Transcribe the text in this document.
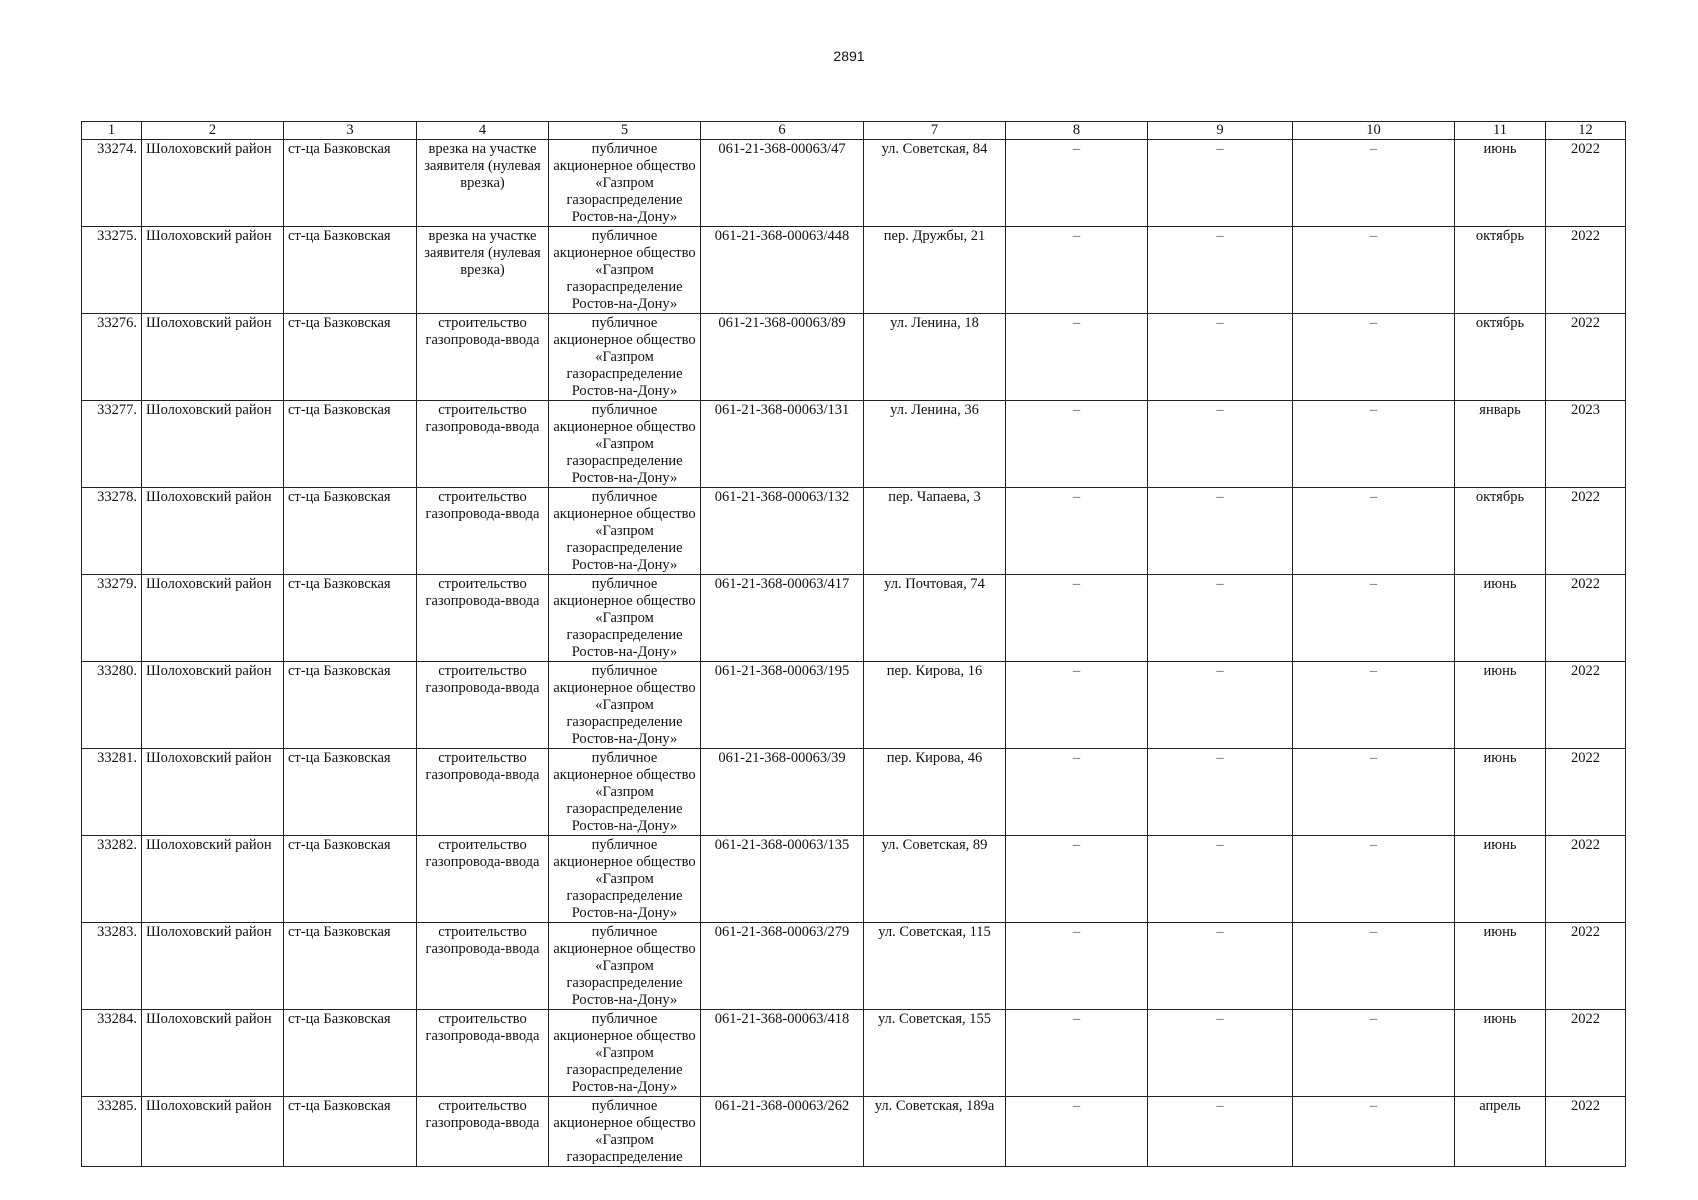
2891
1	2	3	4	5	6	7	8	9	10	11	12
33274.	Шолоховский район	ст-ца Базковская	врезка на участке заявителя (нулевая врезка)	публичное акционерное общество «Газпром газораспределение Ростов-на-Дону»	061-21-368-00063/47	ул. Советская, 84	–	–	–	июнь	2022
33275.	Шолоховский район	ст-ца Базковская	врезка на участке заявителя (нулевая врезка)	публичное акционерное общество «Газпром газораспределение Ростов-на-Дону»	061-21-368-00063/448	пер. Дружбы, 21	–	–	–	октябрь	2022
33276.	Шолоховский район	ст-ца Базковская	строительство газопровода-ввода	публичное акционерное общество «Газпром газораспределение Ростов-на-Дону»	061-21-368-00063/89	ул. Ленина, 18	–	–	–	октябрь	2022
33277.	Шолоховский район	ст-ца Базковская	строительство газопровода-ввода	публичное акционерное общество «Газпром газораспределение Ростов-на-Дону»	061-21-368-00063/131	ул. Ленина, 36	–	–	–	январь	2023
33278.	Шолоховский район	ст-ца Базковская	строительство газопровода-ввода	публичное акционерное общество «Газпром газораспределение Ростов-на-Дону»	061-21-368-00063/132	пер. Чапаева, 3	–	–	–	октябрь	2022
33279.	Шолоховский район	ст-ца Базковская	строительство газопровода-ввода	публичное акционерное общество «Газпром газораспределение Ростов-на-Дону»	061-21-368-00063/417	ул. Почтовая, 74	–	–	–	июнь	2022
33280.	Шолоховский район	ст-ца Базковская	строительство газопровода-ввода	публичное акционерное общество «Газпром газораспределение Ростов-на-Дону»	061-21-368-00063/195	пер. Кирова, 16	–	–	–	июнь	2022
33281.	Шолоховский район	ст-ца Базковская	строительство газопровода-ввода	публичное акционерное общество «Газпром газораспределение Ростов-на-Дону»	061-21-368-00063/39	пер. Кирова, 46	–	–	–	июнь	2022
33282.	Шолоховский район	ст-ца Базковская	строительство газопровода-ввода	публичное акционерное общество «Газпром газораспределение Ростов-на-Дону»	061-21-368-00063/135	ул. Советская, 89	–	–	–	июнь	2022
33283.	Шолоховский район	ст-ца Базковская	строительство газопровода-ввода	публичное акционерное общество «Газпром газораспределение Ростов-на-Дону»	061-21-368-00063/279	ул. Советская, 115	–	–	–	июнь	2022
33284.	Шолоховский район	ст-ца Базковская	строительство газопровода-ввода	публичное акционерное общество «Газпром газораспределение Ростов-на-Дону»	061-21-368-00063/418	ул. Советская, 155	–	–	–	июнь	2022
33285.	Шолоховский район	ст-ца Базковская	строительство газопровода-ввода	публичное акционерное общество «Газпром газораспределение	061-21-368-00063/262	ул. Советская, 189а	–	–	–	апрель	2022
